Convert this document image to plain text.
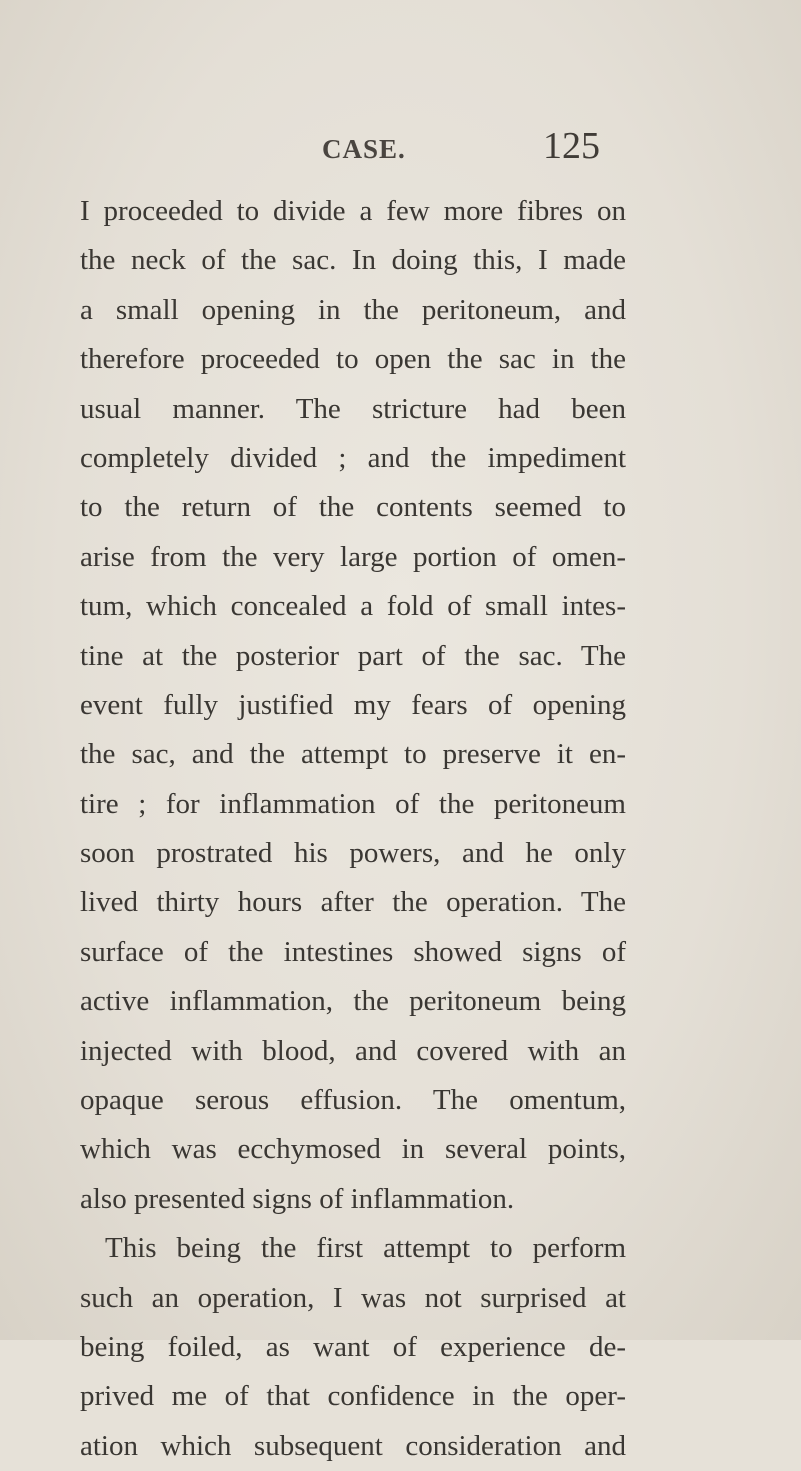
CASE.	125
I proceeded to divide a few more fibres on
the neck of the sac. In doing this, I made
a small opening in the peritoneum, and
therefore proceeded to open the sac in the
usual manner. The stricture had been
completely divided ; and the impediment
to the return of the contents seemed to
arise from the very large portion of omen-
tum, which concealed a fold of small intes-
tine at the posterior part of the sac. The
event fully justified my fears of opening
the sac, and the attempt to preserve it en-
tire ; for inflammation of the peritoneum
soon prostrated his powers, and he only
lived thirty hours after the operation. The
surface of the intestines showed signs of
active inflammation, the peritoneum being
injected with blood, and covered with an
opaque serous effusion. The omentum,
which was ecchymosed in several points,
also presented signs of inflammation.
This being the first attempt to perform
such an operation, I was not surprised at
being foiled, as want of experience de-
prived me of that confidence in the oper-
ation which subsequent consideration and
